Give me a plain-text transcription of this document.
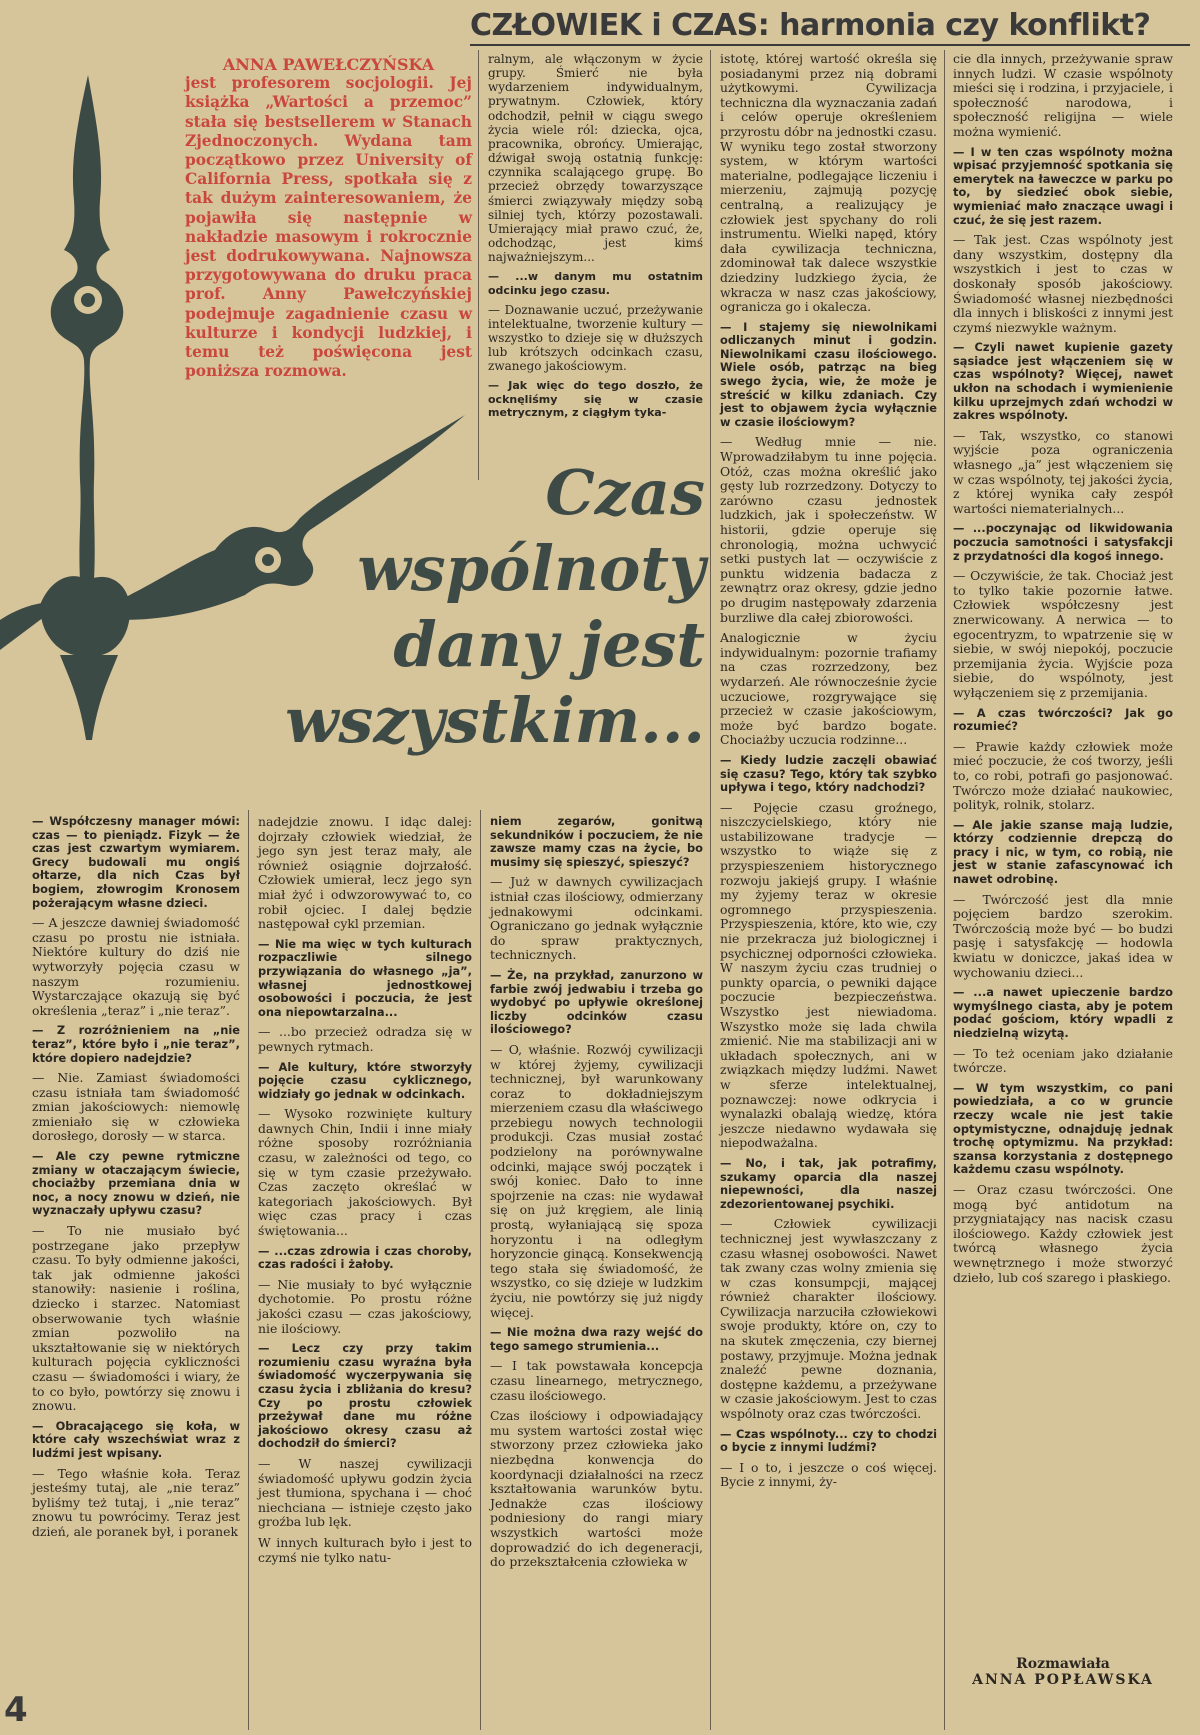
CZŁOWIEK i CZAS: harmonia czy konflikt?
ANNA PAWEŁCZYŃSKA
jest profesorem socjologii. Jej książka „Wartości a przemoc” stała się bestsellerem w Stanach Zjednoczonych. Wydana tam początkowo przez University of California Press, spotkała się z tak dużym zainteresowaniem, że pojawiła się następnie w nakładzie masowym i rokrocznie jest dodrukowywana. Najnowsza przygotowywana do druku praca prof. Anny Pawełczyńskiej podejmuje zagadnienie czasu w kulturze i kondycji ludzkiej, i temu też poświęcona jest poniższa rozmowa.
Czas
wspólnoty
dany jest
wszystkim...

ralnym, ale włączonym w życie grupy. Śmierć nie była wydarzeniem indywidualnym, prywatnym. Człowiek, który odchodził, pełnił w ciągu swego życia wiele ról: dziecka, ojca, pracownika, obrońcy. Umierając, dźwigał swoją ostatnią funkcję: czynnika scalającego grupę. Bo przecież obrzędy towarzyszące śmierci związywały między sobą silniej tych, którzy pozostawali. Umierający miał prawo czuć, że, odchodząc, jest kimś najważniejszym...

— ...w danym mu ostatnim odcinku jego czasu.

— Doznawanie uczuć, przeżywanie intelektualne, tworzenie kultury — wszystko to dzieje się w dłuższych lub krótszych odcinkach czasu, zwanego jakościowym.

— Jak więc do tego doszło, że ocknęliśmy się w czasie metrycznym, z ciągłym tyka-

istotę, której wartość określa się posiadanymi przez nią dobrami użytkowymi. Cywilizacja techniczna dla wyznaczania zadań i celów operuje określeniem przyrostu dóbr na jednostki czasu. W wyniku tego został stworzony system, w którym wartości materialne, podlegające liczeniu i mierzeniu, zajmują pozycję centralną, a realizujący je człowiek jest spychany do roli instrumentu. Wielki napęd, który dała cywilizacja techniczna, zdominował tak dalece wszystkie dziedziny ludzkiego życia, że wkracza w nasz czas jakościowy, ogranicza go i okalecza.

— I stajemy się niewolnikami odliczanych minut i godzin. Niewolnikami czasu ilościowego. Wiele osób, patrząc na bieg swego życia, wie, że może je streścić w kilku zdaniach. Czy jest to objawem życia wyłącznie w czasie ilościowym?

— Według mnie — nie. Wprowadziłabym tu inne pojęcia. Otóż, czas można określić jako gęsty lub rozrzedzony. Dotyczy to zarówno czasu jednostek ludzkich, jak i społeczeństw. W historii, gdzie operuje się chronologią, można uchwycić setki pustych lat — oczywiście z punktu widzenia badacza z zewnątrz oraz okresy, gdzie jedno po drugim następowały zdarzenia burzliwe dla całej zbiorowości.

Analogicznie w życiu indywidualnym: pozornie trafiamy na czas rozrzedzony, bez wydarzeń. Ale równocześnie życie uczuciowe, rozgrywające się przecież w czasie jakościowym, może być bardzo bogate. Chociażby uczucia rodzinne...

— Kiedy ludzie zaczęli obawiać się czasu? Tego, który tak szybko upływa i tego, który nadchodzi?

— Pojęcie czasu groźnego, niszczycielskiego, który nie ustabilizowane tradycje — wszystko to wiąże się z przyspieszeniem historycznego rozwoju jakiejś grupy. I właśnie my żyjemy teraz w okresie ogromnego przyspieszenia. Przyspieszenia, które, kto wie, czy nie przekracza już biologicznej i psychicznej odporności człowieka. W naszym życiu czas trudniej o punkty oparcia, o pewniki dające poczucie bezpieczeństwa. Wszystko jest niewiadoma. Wszystko może się lada chwila zmienić. Nie ma stabilizacji ani w układach społecznych, ani w związkach między ludźmi. Nawet w sferze intelektualnej, poznawczej: nowe odkrycia i wynalazki obalają wiedzę, która jeszcze niedawno wydawała się niepodważalna.

— No, i tak, jak potrafimy, szukamy oparcia dla naszej niepewności, dla naszej zdezorientowanej psychiki.

— Człowiek cywilizacji technicznej jest wywłaszczany z czasu własnej osobowości. Nawet tak zwany czas wolny zmienia się w czas konsumpcji, mającej również charakter ilościowy. Cywilizacja narzuciła człowiekowi swoje produkty, które on, czy to na skutek zmęczenia, czy biernej postawy, przyjmuje. Można jednak znaleźć pewne doznania, dostępne każdemu, a przeżywane w czasie jakościowym. Jest to czas wspólnoty oraz czas twórczości.

— Czas wspólnoty... czy to chodzi o bycie z innymi ludźmi?

— I o to, i jeszcze o coś więcej. Bycie z innymi, ży-

cie dla innych, przeżywanie spraw innych ludzi. W czasie wspólnoty mieści się i rodzina, i przyjaciele, i społeczność narodowa, i społeczność religijna — wiele można wymienić.

— I w ten czas wspólnoty można wpisać przyjemność spotkania się emerytek na ławeczce w parku po to, by siedzieć obok siebie, wymieniać mało znaczące uwagi i czuć, że się jest razem.

— Tak jest. Czas wspólnoty jest dany wszystkim, dostępny dla wszystkich i jest to czas w doskonały sposób jakościowy. Świadomość własnej niezbędności dla innych i bliskości z innymi jest czymś niezwykle ważnym.

— Czyli nawet kupienie gazety sąsiadce jest włączeniem się w czas wspólnoty? Więcej, nawet ukłon na schodach i wymienienie kilku uprzejmych zdań wchodzi w zakres wspólnoty.

— Tak, wszystko, co stanowi wyjście poza ograniczenia własnego „ja” jest włączeniem się w czas wspólnoty, tej jakości życia, z której wynika cały zespół wartości niematerialnych...

— ...poczynając od likwidowania poczucia samotności i satysfakcji z przydatności dla kogoś innego.

— Oczywiście, że tak. Chociaż jest to tylko takie pozornie łatwe. Człowiek współczesny jest znerwicowany. A nerwica — to egocentryzm, to wpatrzenie się w siebie, w swój niepokój, poczucie przemijania życia. Wyjście poza siebie, do wspólnoty, jest wyłączeniem się z przemijania.

— A czas twórczości? Jak go rozumieć?

— Prawie każdy człowiek może mieć poczucie, że coś tworzy, jeśli to, co robi, potrafi go pasjonować. Twórczo może działać naukowiec, polityk, rolnik, stolarz.

— Ale jakie szanse mają ludzie, którzy codziennie drepczą do pracy i nic, w tym, co robią, nie jest w stanie zafascynować ich nawet odrobinę.

— Twórczość jest dla mnie pojęciem bardzo szerokim. Twórczością może być — bo budzi pasję i satysfakcję — hodowla kwiatu w doniczce, jakaś idea w wychowaniu dzieci...

— ...a nawet upieczenie bardzo wymyślnego ciasta, aby je potem podać gościom, który wpadli z niedzielną wizytą.

— To też oceniam jako działanie twórcze.

— W tym wszystkim, co pani powiedziała, a co w gruncie rzeczy wcale nie jest takie optymistyczne, odnajduję jednak trochę optymizmu. Na przykład: szansa korzystania z dostępnego każdemu czasu wspólnoty.

— Oraz czasu twórczości. One mogą być antidotum na przygniatający nas nacisk czasu ilościowego. Każdy człowiek jest twórcą własnego życia wewnętrznego i może stworzyć dzieło, lub coś szarego i płaskiego.

— Współczesny manager mówi: czas — to pieniądz. Fizyk — że czas jest czwartym wymiarem. Grecy budowali mu ongiś ołtarze, dla nich Czas był bogiem, złowrogim Kronosem pożerającym własne dzieci.

— A jeszcze dawniej świadomość czasu po prostu nie istniała. Niektóre kultury do dziś nie wytworzyły pojęcia czasu w naszym rozumieniu. Wystarczające okazują się być określenia „teraz” i „nie teraz”.

— Z rozróżnieniem na „nie teraz”, które było i „nie teraz”, które dopiero nadejdzie?

— Nie. Zamiast świadomości czasu istniała tam świadomość zmian jakościowych: niemowlę zmieniało się w człowieka dorosłego, dorosły — w starca.

— Ale czy pewne rytmiczne zmiany w otaczającym świecie, chociażby przemiana dnia w noc, a nocy znowu w dzień, nie wyznaczały upływu czasu?

— To nie musiało być postrzegane jako przepływ czasu. To były odmienne jakości, tak jak odmienne jakości stanowiły: nasienie i roślina, dziecko i starzec. Natomiast obserwowanie tych właśnie zmian pozwoliło na ukształtowanie się w niektórych kulturach pojęcia cykliczności czasu — świadomości i wiary, że to co było, powtórzy się znowu i znowu.

— Obracającego się koła, w które cały wszechświat wraz z ludźmi jest wpisany.

— Tego właśnie koła. Teraz jesteśmy tutaj, ale „nie teraz” byliśmy też tutaj, i „nie teraz” znowu tu powrócimy. Teraz jest dzień, ale poranek był, i poranek

nadejdzie znowu. I idąc dalej: dojrzały człowiek wiedział, że jego syn jest teraz mały, ale również osiągnie dojrzałość. Człowiek umierał, lecz jego syn miał żyć i odwzorowywać to, co robił ojciec. I dalej będzie następował cykl przemian.

— Nie ma więc w tych kulturach rozpaczliwie silnego przywiązania do własnego „ja”, własnej jednostkowej osobowości i poczucia, że jest ona niepowtarzalna...

— ...bo przecież odradza się w pewnych rytmach.

— Ale kultury, które stworzyły pojęcie czasu cyklicznego, widziały go jednak w odcinkach.

— Wysoko rozwinięte kultury dawnych Chin, Indii i inne miały różne sposoby rozróżniania czasu, w zależności od tego, co się w tym czasie przeżywało. Czas zaczęto określać w kategoriach jakościowych. Był więc czas pracy i czas świętowania...

— ...czas zdrowia i czas choroby, czas radości i żałoby.

— Nie musiały to być wyłącznie dychotomie. Po prostu różne jakości czasu — czas jakościowy, nie ilościowy.

— Lecz czy przy takim rozumieniu czasu wyraźna była świadomość wyczerpywania się czasu życia i zbliżania do kresu? Czy po prostu człowiek przeżywał dane mu różne jakościowo okresy czasu aż dochodził do śmierci?

— W naszej cywilizacji świadomość upływu godzin życia jest tłumiona, spychana i — choć niechciana — istnieje często jako groźba lub lęk.

W innych kulturach było i jest to czymś nie tylko natu-

niem zegarów, gonitwą sekundników i poczuciem, że nie zawsze mamy czas na życie, bo musimy się spieszyć, spieszyć?

— Już w dawnych cywilizacjach istniał czas ilościowy, odmierzany jednakowymi odcinkami. Ograniczano go jednak wyłącznie do spraw praktycznych, technicznych.

— Że, na przykład, zanurzono w farbie zwój jedwabiu i trzeba go wydobyć po upływie określonej liczby odcinków czasu ilościowego?

— O, właśnie. Rozwój cywilizacji w której żyjemy, cywilizacji technicznej, był warunkowany coraz to dokładniejszym mierzeniem czasu dla właściwego przebiegu nowych technologii produkcji. Czas musiał zostać podzielony na porównywalne odcinki, mające swój początek i swój koniec. Dało to inne spojrzenie na czas: nie wydawał się on już kręgiem, ale linią prostą, wyłaniającą się spoza horyzontu i na odległym horyzoncie ginącą. Konsekwencją tego stała się świadomość, że wszystko, co się dzieje w ludzkim życiu, nie powtórzy się już nigdy więcej.

— Nie można dwa razy wejść do tego samego strumienia...

— I tak powstawała koncepcja czasu linearnego, metrycznego, czasu ilościowego.

Czas ilościowy i odpowiadający mu system wartości został więc stworzony przez człowieka jako niezbędna konwencja do koordynacji działalności na rzecz kształtowania warunków bytu. Jednakże czas ilościowy podniesiony do rangi miary wszystkich wartości może doprowadzić do ich degeneracji, do przekształcenia człowieka w

Rozmawiała
ANNA POPŁAWSKA
4
